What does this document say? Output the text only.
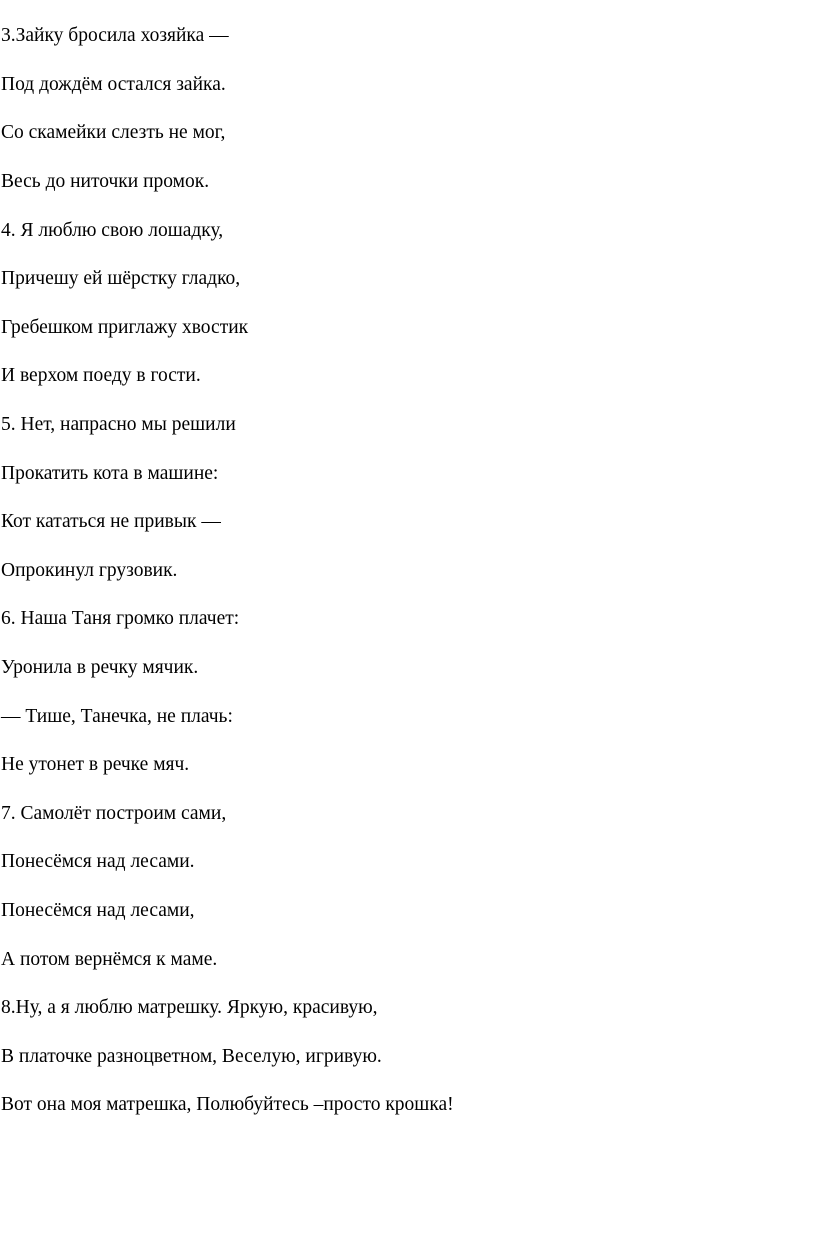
3.Зайку бросила хозяйка —
Под дождём остался зайка.
Со скамейки слезть не мог,
Весь до ниточки промок.
4. Я люблю свою лошадку,
Причешу ей шёрстку гладко,
Гребешком приглажу хвостик
И верхом поеду в гости.
5. Нет, напрасно мы решили
Прокатить кота в машине:
Кот кататься не привык —
Опрокинул грузовик.
6. Наша Таня громко плачет:
Уронила в речку мячик.
— Тише, Танечка, не плачь:
Не утонет в речке мяч.
7. Самолёт построим сами,
Понесёмся над лесами.
Понесёмся над лесами,
А потом вернёмся к маме.
8.Ну, а я люблю матрешку. Яркую, красивую,
В платочке разноцветном, Веселую, игривую.
Вот она моя матрешка, Полюбуйтесь –просто крошка!
